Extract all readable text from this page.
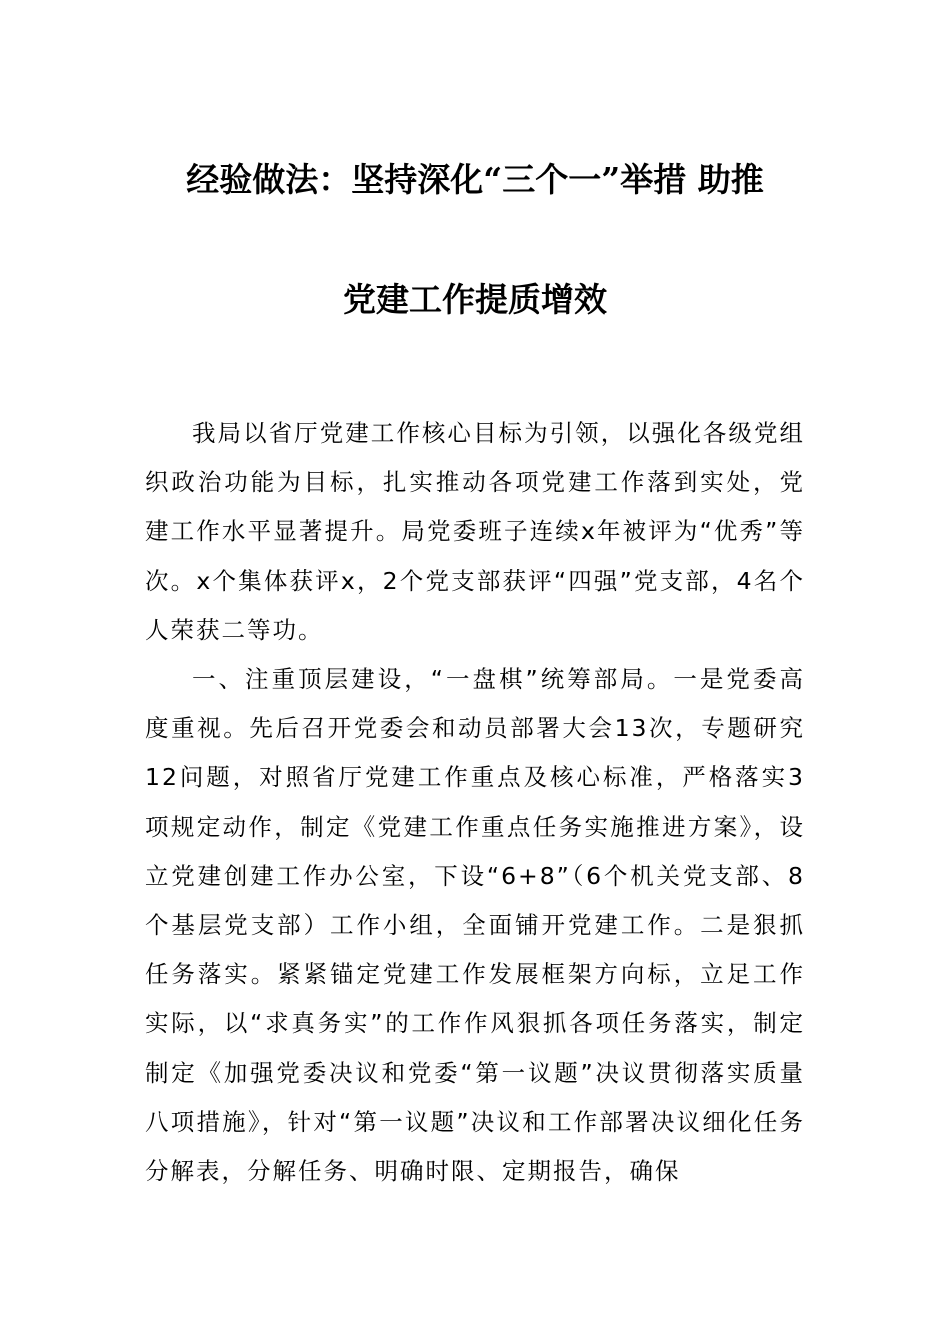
经验做法：坚持深化“三个一”举措 助推
党建工作提质增效

我局以省厅党建工作核心目标为引领，以强化各级党组织政治功能为目标，扎实推动各项党建工作落到实处，党建工作水平显著提升。局党委班子连续x年被评为“优秀”等次。x个集体获评x，2个党支部获评“四强”党支部，4名个人荣获二等功。

一、注重顶层建设，“一盘棋”统筹部局。一是党委高度重视。先后召开党委会和动员部署大会13次，专题研究12问题，对照省厅党建工作重点及核心标准，严格落实3项规定动作，制定《党建工作重点任务实施推进方案》，设立党建创建工作办公室，下设“6+8”（6个机关党支部、8个基层党支部）工作小组，全面铺开党建工作。二是狠抓任务落实。紧紧锚定党建工作发展框架方向标，立足工作实际，以“求真务实”的工作作风狠抓各项任务落实，制定制定《加强党委决议和党委“第一议题”决议贯彻落实质量八项措施》，针对“第一议题”决议和工作部署决议细化任务分解表，分解任务、明确时限、定期报告，确保
